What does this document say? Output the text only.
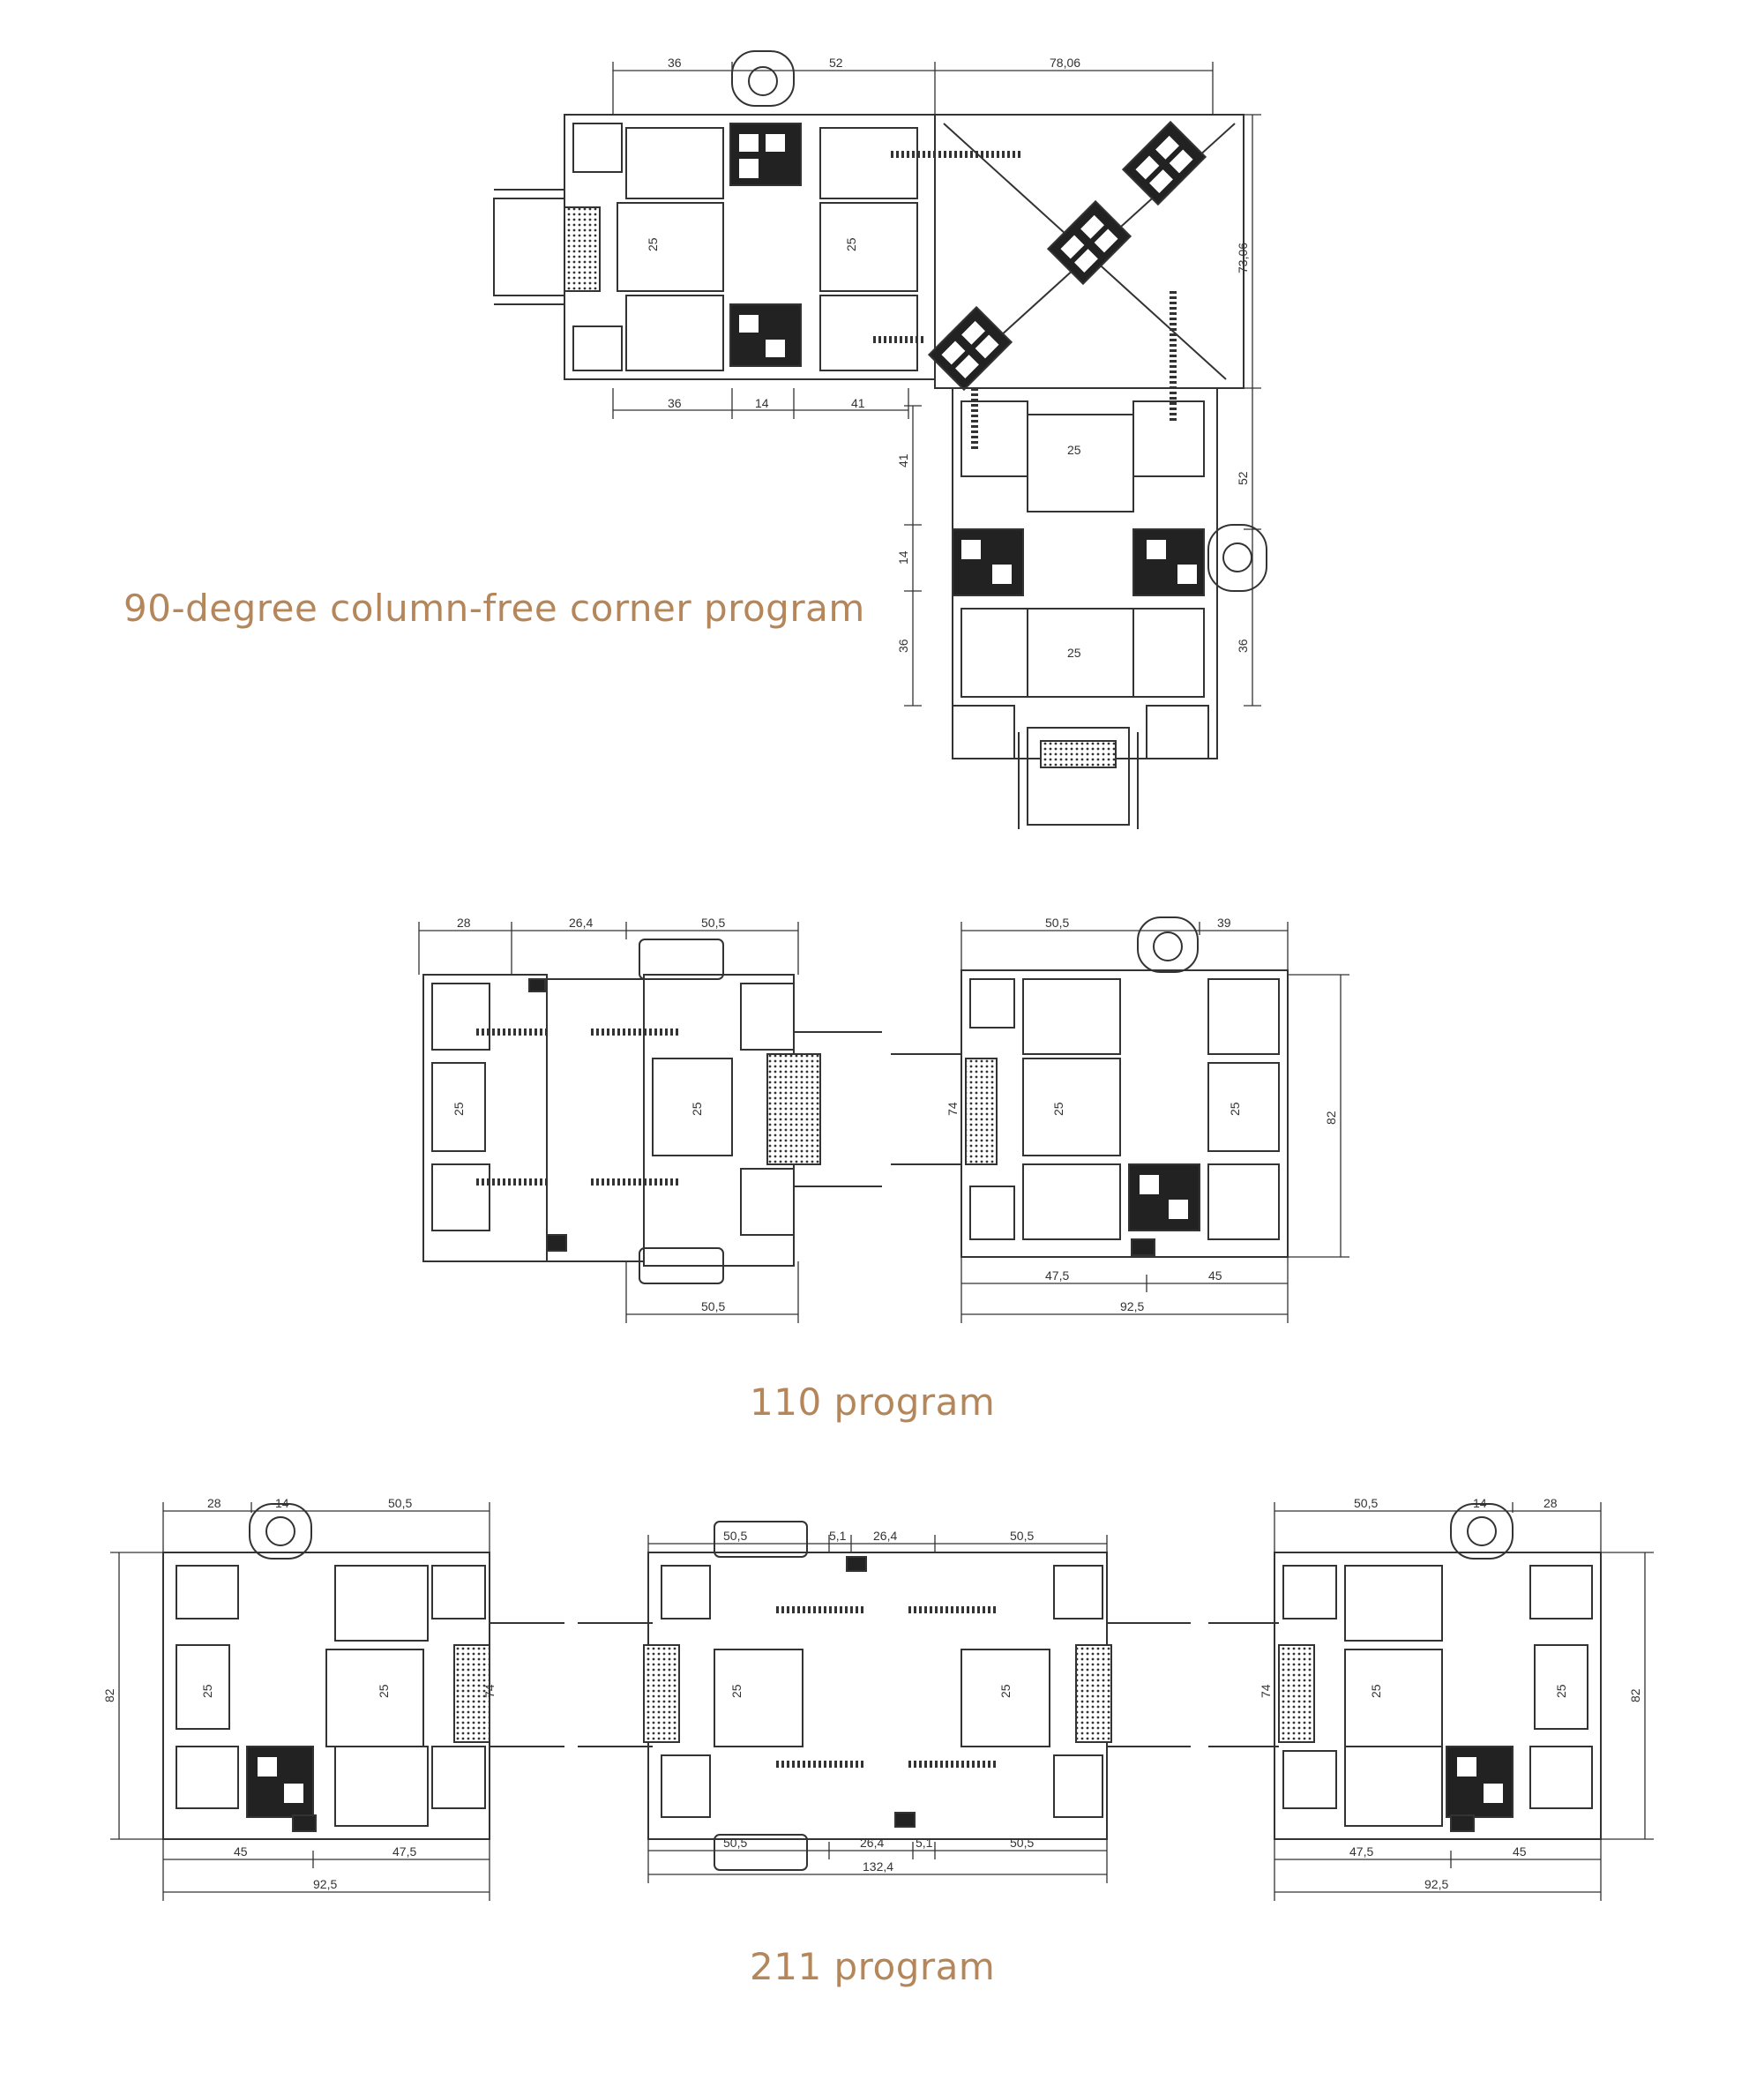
36	52	78,06
36	14	41
73,06
52
36
41
14
36
25	25
25
25
28	26,4	50,5
50,5
25	25
50,5	39
47,5	45
92,5
82
74	25	25
28	50,5
14
45	47,5
92,5
82	25	25	74
50,5	5,1 26,4	50,5
50,5	26,4	5,1	50,5
132,4
25	25
50,5	14	28
47,5	45
92,5
82
74	25	25
90-degree column-free corner program
110 program
211 program
